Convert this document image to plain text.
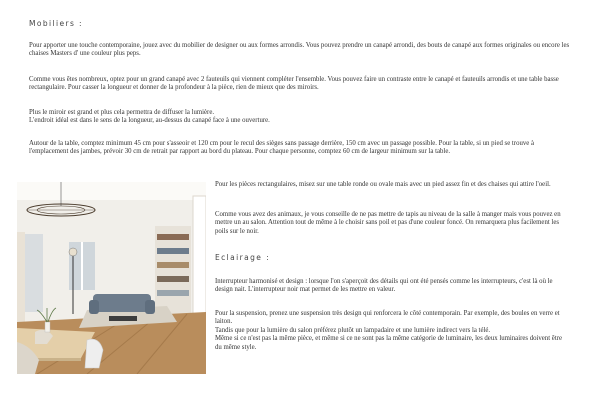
Mobiliers :

Pour apporter une touche contemporaine, jouez avec du mobilier de designer ou aux formes arrondis. Vous pouvez prendre un canapé arrondi, des bouts de canapé aux formes originales ou encore les chaises Masters d' une couleur plus peps.

Comme vous êtes nombreux, optez pour un grand canapé avec 2 fauteuils qui viennent compléter l'ensemble. Vous pouvez faire un contraste entre le canapé et fauteuils arrondis et une table basse rectangulaire. Pour casser la longueur et donner de la profondeur à la pièce, rien de mieux que des miroirs.

Plus le miroir est grand et plus cela permettra de diffuser la lumière.
L'endroit idéal est dans le sens de la longueur, au-dessus du canapé face à une ouverture.

Autour de la table, comptez minimum 45 cm pour s'asseoir et 120 cm pour le recul des sièges sans passage derrière, 150 cm avec un passage possible. Pour la table, si un pied se trouve à l'emplacement des jambes, prévoir 30 cm de retrait par rapport au bord du plateau. Pour chaque personne, comptez 60 cm de largeur minimum sur la table.

Pour les pièces rectangulaires, misez sur une table ronde ou ovale mais avec un pied assez fin et des chaises qui attire l'oeil.

Comme vous avez des animaux, je vous conseille de ne pas mettre de tapis au niveau de la salle à manger mais vous pouvez en mettre un au salon. Attention tout de même à le choisir sans poil et pas d'une couleur foncé. On remarquera plus facilement les poils sur le noir.

Eclairage :

Interrupteur harmonisé et design : lorsque l'on s'aperçoit des détails qui ont été pensés comme les interrupteurs, c'est là où le design nait. L'interrupteur noir mat permet de les mettre en valeur.

Pour la suspension, prenez une suspension très design qui renforcera le côté contemporain. Par exemple, des boules en verre et laiton.
Tandis que pour la lumière du salon préférez plutôt un lampadaire et une lumière indirect vers la télé.
Même si ce n'est pas la même pièce, et même si ce ne sont pas la même catégorie de luminaire, les deux luminaires doivent être du même style.
